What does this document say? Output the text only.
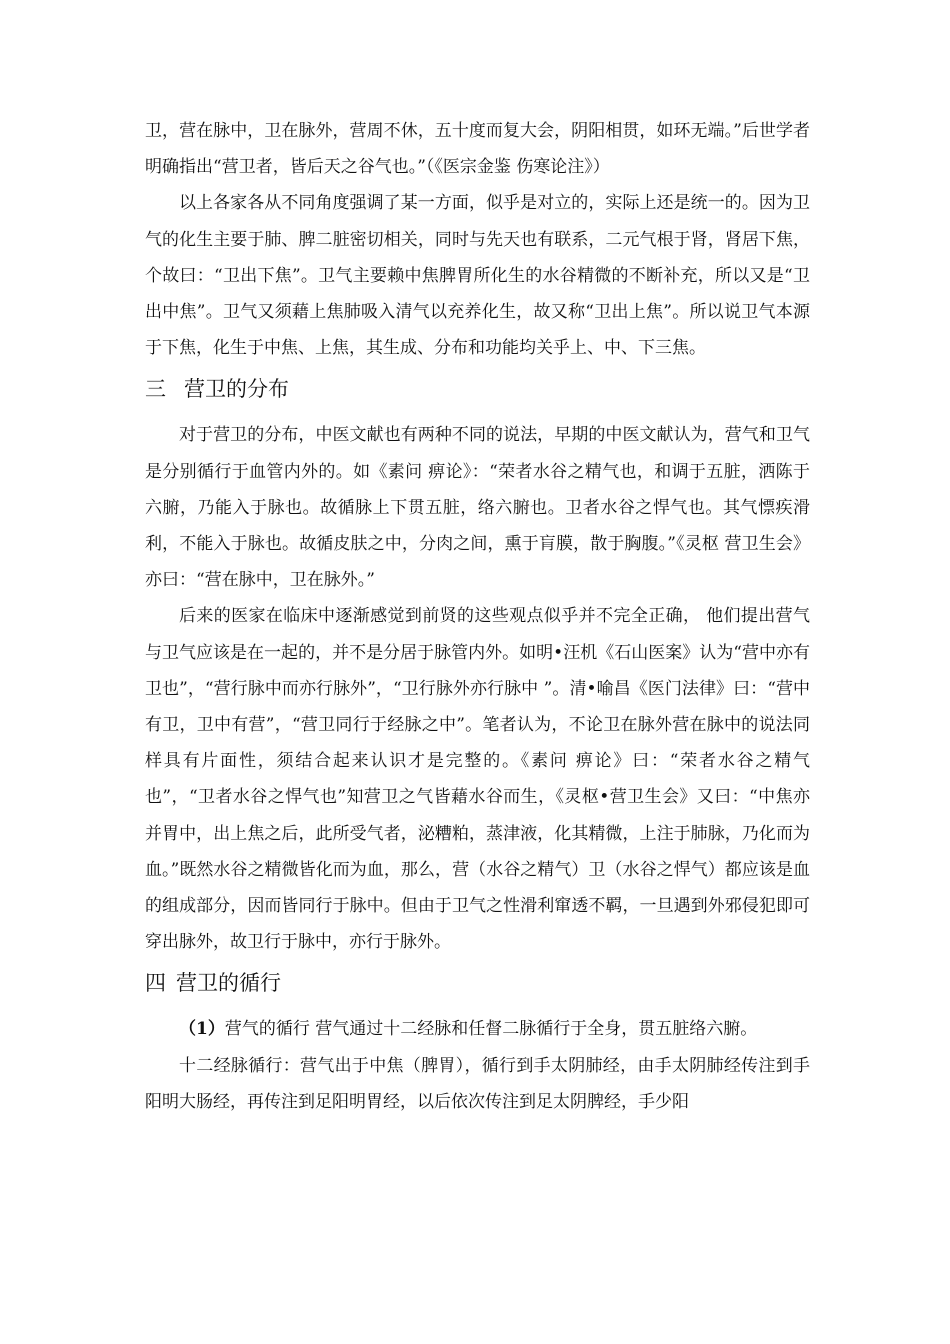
卫，营在脉中，卫在脉外，营周不休，五十度而复大会，阴阳相贯，如环无端。”后世学者明确指出“营卫者，皆后天之谷气也。”（《医宗金鉴 伤寒论注》）

以上各家各从不同角度强调了某一方面，似乎是对立的，实际上还是统一的。因为卫气的化生主要于肺、脾二脏密切相关，同时与先天也有联系，二元气根于肾，肾居下焦，个故曰：“卫出下焦”。卫气主要赖中焦脾胃所化生的水谷精微的不断补充，所以又是“卫出中焦”。卫气又须藉上焦肺吸入清气以充养化生，故又称“卫出上焦”。所以说卫气本源于下焦，化生于中焦、上焦，其生成、分布和功能均关乎上、中、下三焦。

三 营卫的分布

对于营卫的分布，中医文献也有两种不同的说法，早期的中医文献认为，营气和卫气是分别循行于血管内外的。如《素问 痹论》：“荣者水谷之精气也，和调于五脏，洒陈于六腑，乃能入于脉也。故循脉上下贯五脏，络六腑也。卫者水谷之悍气也。其气慓疾滑利，不能入于脉也。故循皮肤之中，分肉之间，熏于肓膜，散于胸腹。”《灵枢 营卫生会》亦曰：“营在脉中，卫在脉外。”

后来的医家在临床中逐渐感觉到前贤的这些观点似乎并不完全正确， 他们提出营气与卫气应该是在一起的，并不是分居于脉管内外。如明•汪机《石山医案》认为“营中亦有卫也”，“营行脉中而亦行脉外”，“卫行脉外亦行脉中 ”。清•喻昌《医门法律》曰：“营中有卫，卫中有营”，“营卫同行于经脉之中”。笔者认为，不论卫在脉外营在脉中的说法同样具有片面性，须结合起来认识才是完整的。《素问 痹论》曰：“荣者水谷之精气也”，“卫者水谷之悍气也”知营卫之气皆藉水谷而生，《灵枢•营卫生会》又曰：“中焦亦并胃中，出上焦之后，此所受气者，泌糟粕，蒸津液，化其精微，上注于肺脉，乃化而为血。”既然水谷之精微皆化而为血，那么，营（水谷之精气）卫（水谷之悍气）都应该是血的组成部分，因而皆同行于脉中。但由于卫气之性滑利窜透不羁，一旦遇到外邪侵犯即可穿出脉外，故卫行于脉中，亦行于脉外。

四 营卫的循行

（1）营气的循行 营气通过十二经脉和任督二脉循行于全身，贯五脏络六腑。

十二经脉循行：营气出于中焦（脾胃），循行到手太阴肺经，由手太阴肺经传注到手阳明大肠经，再传注到足阳明胃经，以后依次传注到足太阴脾经，手少阳
